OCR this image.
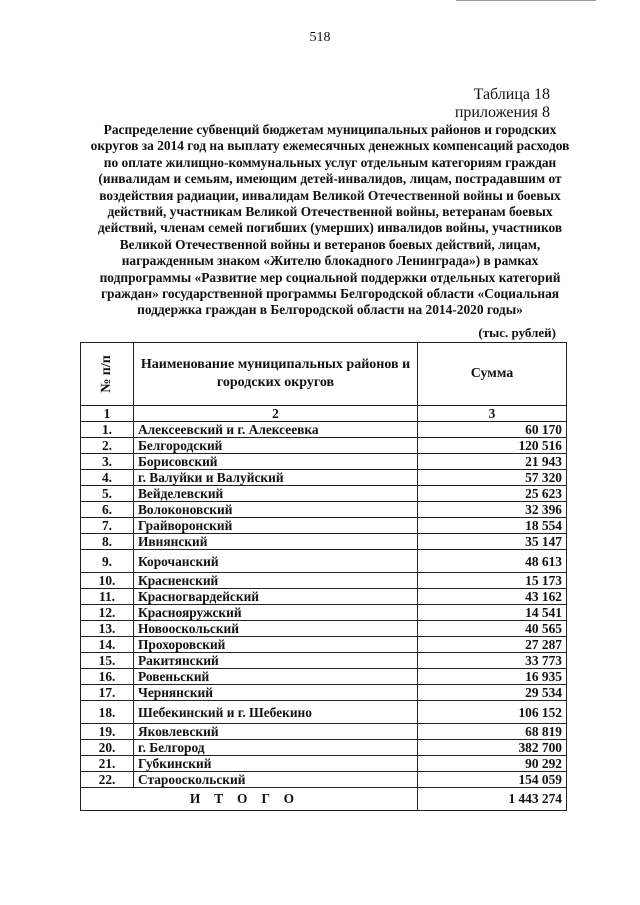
518
Таблица 18
приложения 8
Распределение субвенций бюджетам муниципальных районов и городских округов за 2014 год на выплату ежемесячных денежных компенсаций расходов по оплате жилищно-коммунальных услуг отдельным категориям граждан (инвалидам и семьям, имеющим детей-инвалидов, лицам, пострадавшим от воздействия радиации, инвалидам Великой Отечественной войны и боевых действий, участникам Великой Отечественной войны, ветеранам боевых действий, членам семей погибших (умерших) инвалидов войны, участников Великой Отечественной войны и ветеранов боевых действий, лицам, награжденным знаком «Жителю блокадного Ленинграда») в рамках подпрограммы «Развитие мер социальной поддержки отдельных категорий граждан» государственной программы Белгородской области «Социальная поддержка граждан в Белгородской области на 2014-2020 годы»
(тыс. рублей)
№ п/п	Наименование муниципальных районов и городских округов	Сумма
1	2	3
1.	Алексеевский и г. Алексеевка	60 170
2.	Белгородский	120 516
3.	Борисовский	21 943
4.	г. Валуйки и Валуйский	57 320
5.	Вейделевский	25 623
6.	Волоконовский	32 396
7.	Грайворонский	18 554
8.	Ивнянский	35 147
9.	Корочанский	48 613
10.	Красненский	15 173
11.	Красногвардейский	43 162
12.	Краснояружский	14 541
13.	Новооскольский	40 565
14.	Прохоровский	27 287
15.	Ракитянский	33 773
16.	Ровеньский	16 935
17.	Чернянский	29 534
18.	Шебекинский и г. Шебекино	106 152
19.	Яковлевский	68 819
20.	г. Белгород	382 700
21.	Губкинский	90 292
22.	Старооскольский	154 059
ИТОГО		1 443 274
